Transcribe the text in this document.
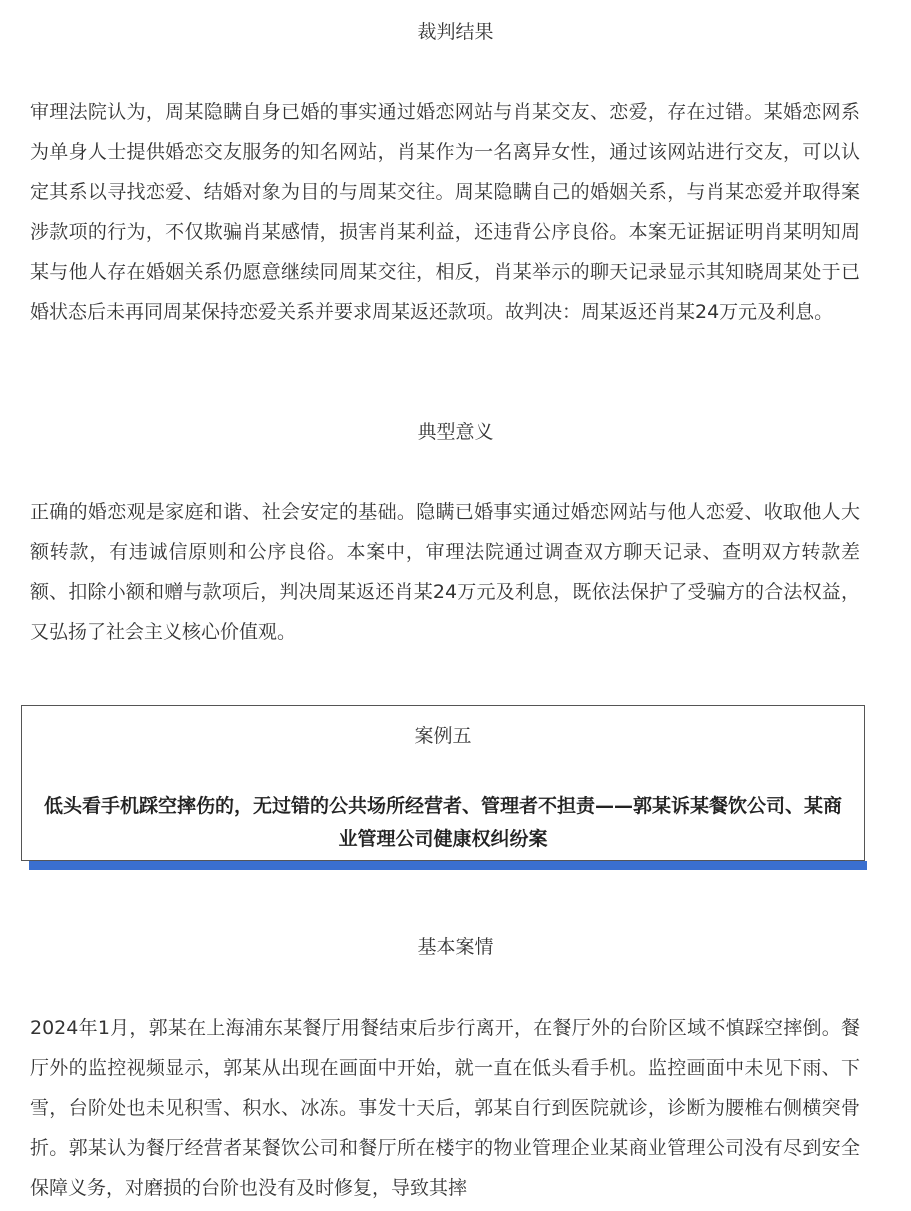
裁判结果
审理法院认为，周某隐瞒自身已婚的事实通过婚恋网站与肖某交友、恋爱，存在过错。某婚恋网系为单身人士提供婚恋交友服务的知名网站，肖某作为一名离异女性，通过该网站进行交友，可以认定其系以寻找恋爱、结婚对象为目的与周某交往。周某隐瞒自己的婚姻关系，与肖某恋爱并取得案涉款项的行为，不仅欺骗肖某感情，损害肖某利益，还违背公序良俗。本案无证据证明肖某明知周某与他人存在婚姻关系仍愿意继续同周某交往，相反，肖某举示的聊天记录显示其知晓周某处于已婚状态后未再同周某保持恋爱关系并要求周某返还款项。故判决：周某返还肖某24万元及利息。
典型意义
正确的婚恋观是家庭和谐、社会安定的基础。隐瞒已婚事实通过婚恋网站与他人恋爱、收取他人大额转款，有违诚信原则和公序良俗。本案中，审理法院通过调查双方聊天记录、查明双方转款差额、扣除小额和赠与款项后，判决周某返还肖某24万元及利息，既依法保护了受骗方的合法权益，又弘扬了社会主义核心价值观。
案例五
低头看手机踩空摔伤的，无过错的公共场所经营者、管理者不担责——郭某诉某餐饮公司、某商业管理公司健康权纠纷案
基本案情
2024年1月，郭某在上海浦东某餐厅用餐结束后步行离开，在餐厅外的台阶区域不慎踩空摔倒。餐厅外的监控视频显示，郭某从出现在画面中开始，就一直在低头看手机。监控画面中未见下雨、下雪，台阶处也未见积雪、积水、冰冻。事发十天后，郭某自行到医院就诊，诊断为腰椎右侧横突骨折。郭某认为餐厅经营者某餐饮公司和餐厅所在楼宇的物业管理企业某商业管理公司没有尽到安全保障义务，对磨损的台阶也没有及时修复，导致其摔
